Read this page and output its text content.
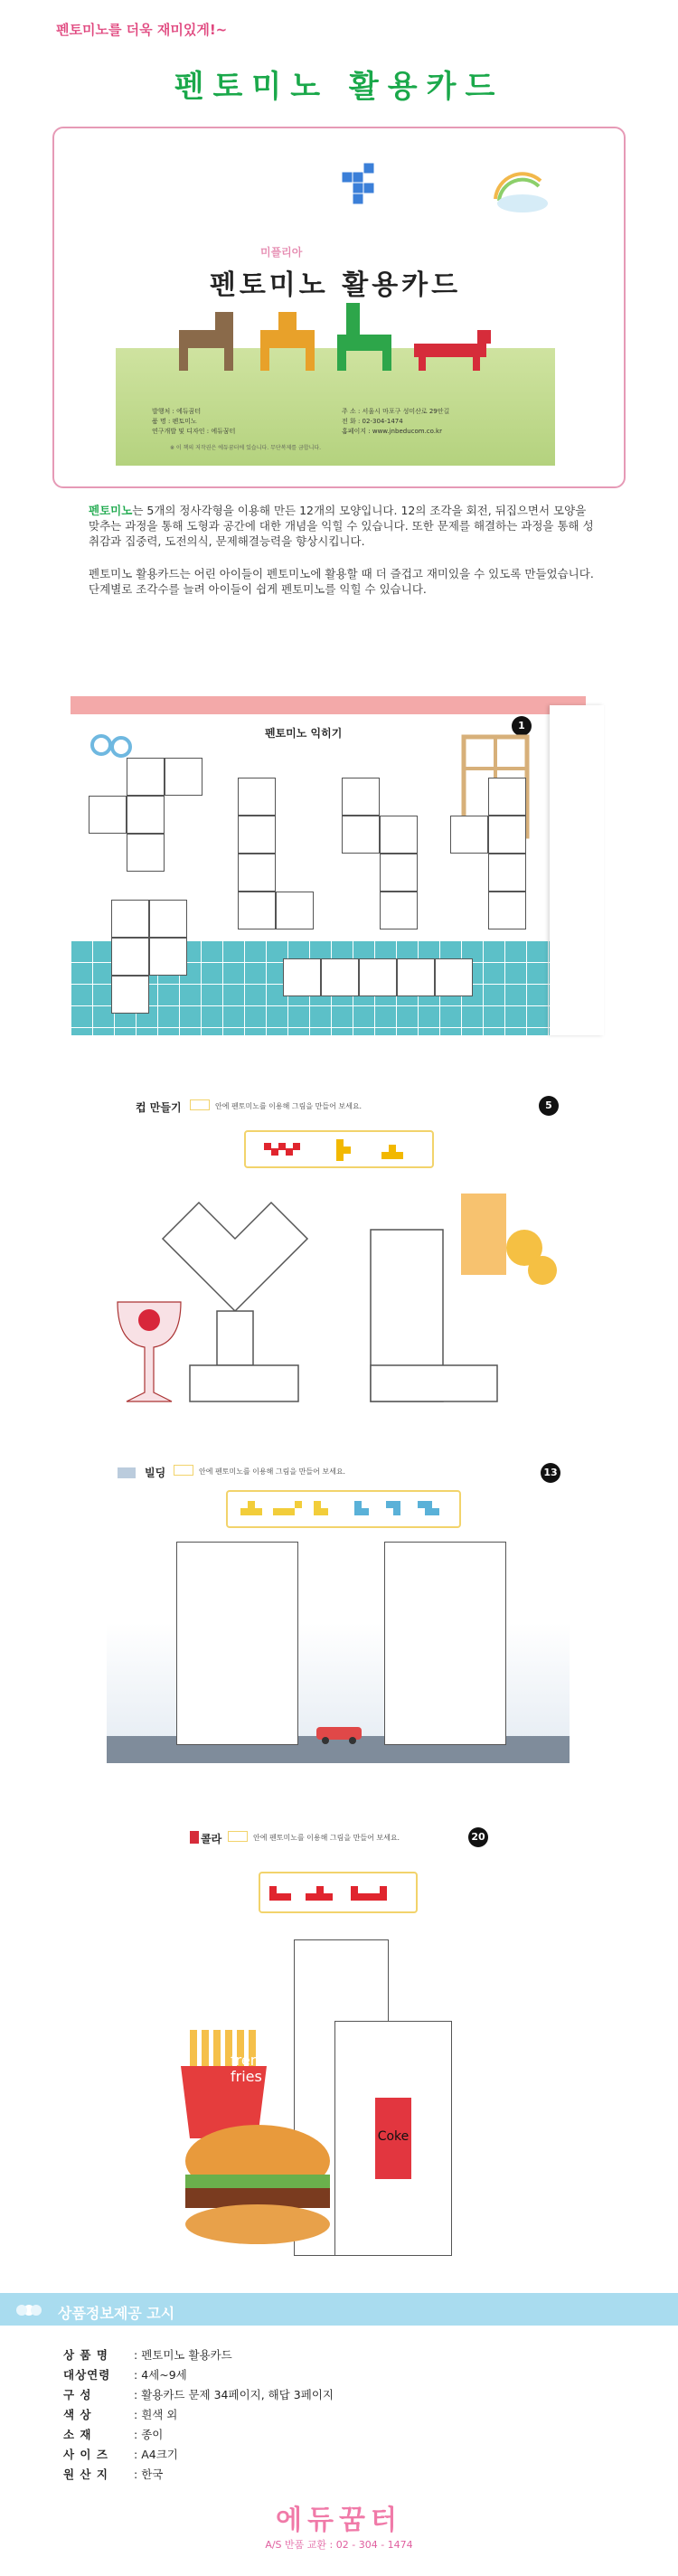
펜토미노를 더욱 재미있게!~
펜토미노 활용카드
미플리아
펜토미노 활용카드
발행처 : 에듀꿈터
품 명 : 펜토미노
연구개발 및 디자인 : 에듀꿈터
주 소 : 서울시 마포구 성미산로 29안길
전 화 : 02-304-1474
홈페이지 : www.jnbeducom.co.kr
※ 이 책의 저작권은 에듀꿈터에 있습니다. 무단복제를 금합니다.
펜토미노는 5개의 정사각형을 이용해 만든 12개의 모양입니다. 12의 조각을 회전, 뒤집으면서 모양을 맞추는 과정을 통해 도형과 공간에 대한 개념을 익힐 수 있습니다. 또한 문제를 해결하는 과정을 통해 성취감과 집중력, 도전의식, 문제해결능력을 향상시킵니다.
펜토미노 활용카드는 어린 아이들이 펜토미노에 활용할 때 더 즐겁고 재미있을 수 있도록 만들었습니다. 단계별로 조각수를 늘려 아이들이 쉽게 펜토미노를 익힐 수 있습니다.
펜토미노 익히기
1
컵 만들기	안에 펜토미노를 이용해 그림을 만들어 보세요.	5
빌딩	안에 펜토미노를 이용해 그림을 만들어 보세요.	13
콜라	안에 펜토미노를 이용해 그림을 만들어 보세요.	20
Coke
french fries
상품정보제공 고시
상 품 명 : 펜토미노 활용카드
대상연령 : 4세~9세
구 성	: 활용카드 문제 34페이지, 해답 3페이지
색 상	: 흰색 외
소 재	: 종이
사 이 즈 : A4크기
원 산 지 : 한국
에듀꿈터
A/S 반품 교환 : 02 - 304 - 1474
